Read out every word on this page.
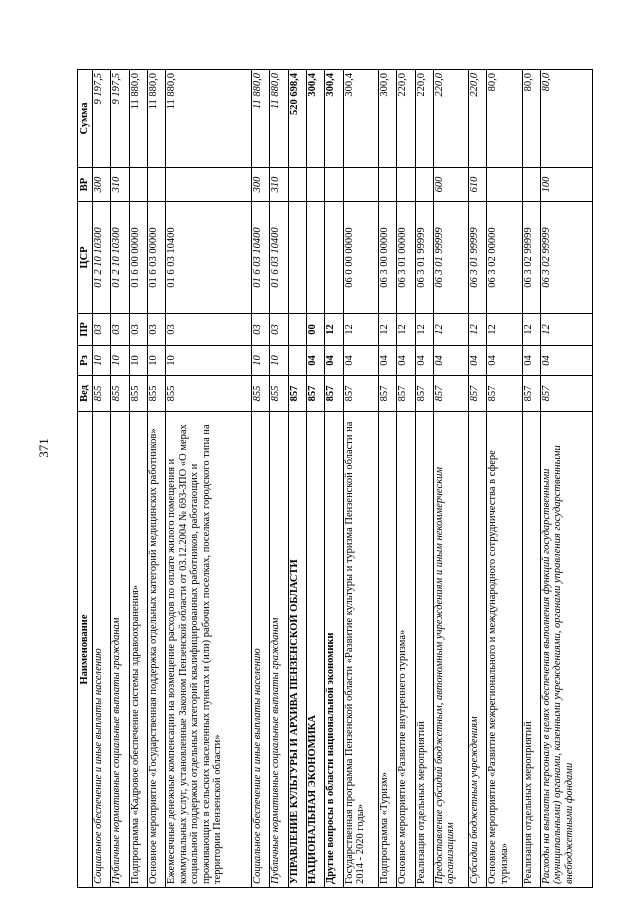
371
Наименование	Вед	Рз	ПР	ЦСР	ВР	Сумма
Социальное обеспечение и иные выплаты населению	855	10	03	01 2 10 10300	300	9 197,5
Публичные нормативные социальные выплаты гражданам	855	10	03	01 2 10 10300	310	9 197,5
Подпрограмма «Кадровое обеспечение системы здравоохранения»	855	10	03	01 6 00 00000		11 880,0
Основное мероприятие «Государственная поддержка отдельных категорий медицинских работников»	855	10	03	01 6 03 00000		11 880,0
Ежемесячные денежные компенсации на возмещение расходов по оплате жилого помещения и коммунальных услуг, установленные Законом Пензенской области от 03.12.2004 № 693-ЗПО «О мерах социальной поддержки отдельных категорий квалифицированных работников, работающих и проживающих в сельских населенных пунктах и (или) рабочих поселках, поселках городского типа на территории Пензенской области»	855	10	03	01 6 03 10400		11 880,0
Социальное обеспечение и иные выплаты населению	855	10	03	01 6 03 10400	300	11 880,0
Публичные нормативные социальные выплаты гражданам	855	10	03	01 6 03 10400	310	11 880,0
УПРАВЛЕНИЕ КУЛЬТУРЫ И АРХИВА ПЕНЗЕНСКОЙ ОБЛАСТИ	857					520 698,4
НАЦИОНАЛЬНАЯ ЭКОНОМИКА	857	04	00			300,4
Другие вопросы в области национальной экономики	857	04	12			300,4
Государственная программа Пензенской области «Развитие культуры и туризма Пензенской области на 2014 - 2020 годы»	857	04	12	06 0 00 00000		300,4
Подпрограмма «Туризм»	857	04	12	06 3 00 00000		300,0
Основное мероприятие «Развитие внутреннего туризма»	857	04	12	06 3 01 00000		220,0
Реализация отдельных мероприятий	857	04	12	06 3 01 99999		220,0
Предоставление субсидий бюджетным, автономным учреждениям и иным некоммерческим организациям	857	04	12	06 3 01 99999	600	220,0
Субсидии бюджетным учреждениям	857	04	12	06 3 01 99999	610	220,0
Основное мероприятие «Развитие межрегионального и международного сотрудничества в сфере туризма»	857	04	12	06 3 02 00000		80,0
Реализация отдельных мероприятий	857	04	12	06 3 02 99999		80,0
Расходы на выплаты персоналу в целях обеспечения выполнения функций государственными (муниципальными) органами, казенными учреждениями, органами управления государственными внебюджетными фондами	857	04	12	06 3 02 99999	100	80,0
